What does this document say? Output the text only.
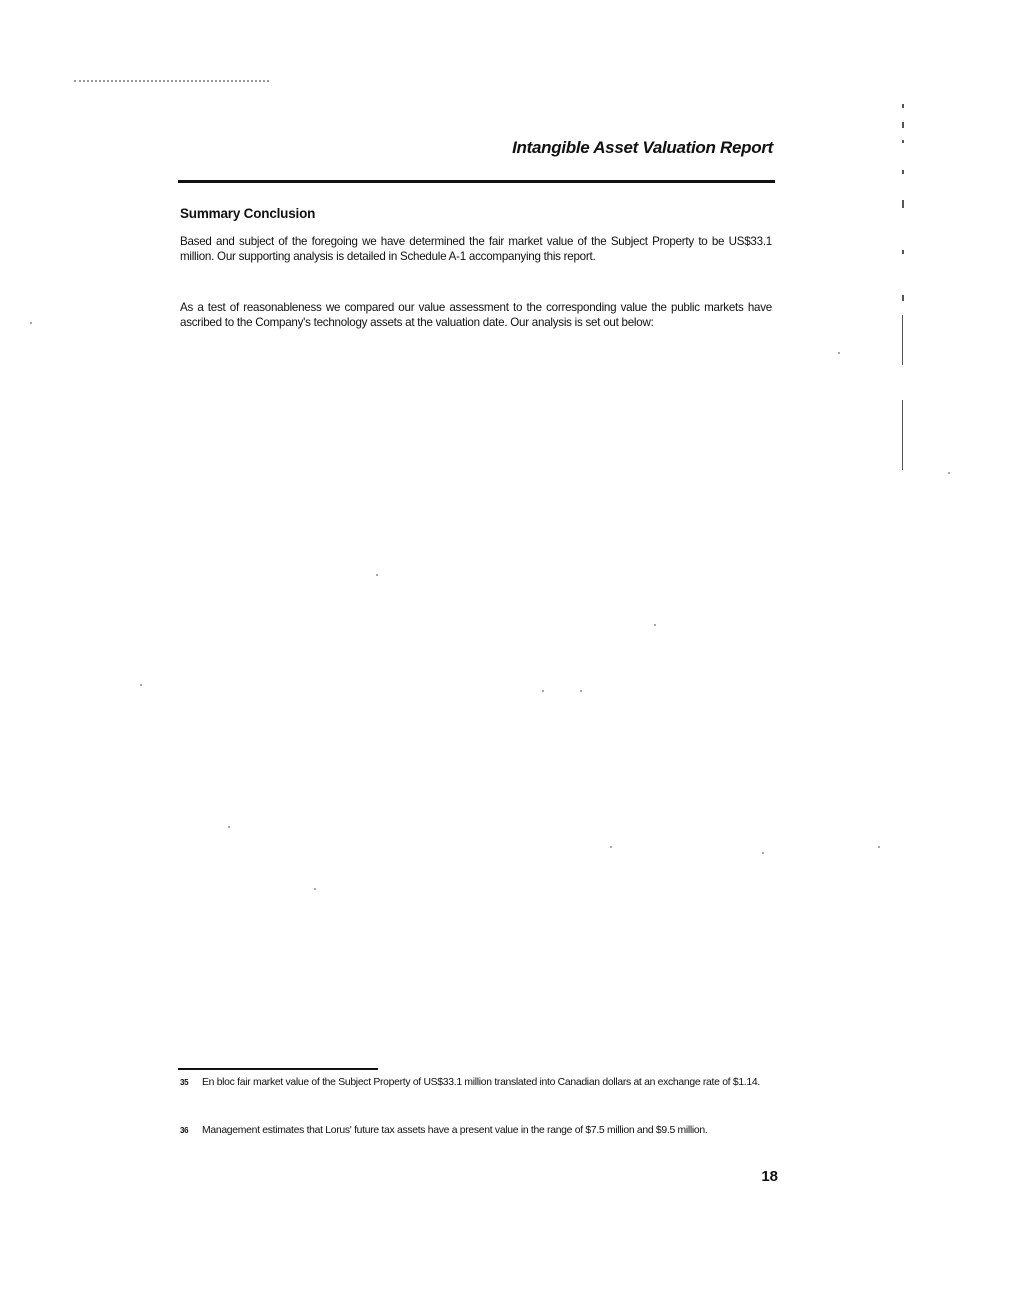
Intangible Asset Valuation Report
Summary Conclusion

Based and subject of the foregoing we have determined the fair market value of the Subject Property to be US$33.1 million. Our supporting analysis is detailed in Schedule A-1 accompanying this report.

As a test of reasonableness we compared our value assessment to the corresponding value the public markets have ascribed to the Company's technology assets at the valuation date. Our analysis is set out below:

35 En bloc fair market value of the Subject Property of US$33.1 million translated into Canadian dollars at an exchange rate of $1.14.
36 Management estimates that Lorus' future tax assets have a present value in the range of $7.5 million and $9.5 million.
18
